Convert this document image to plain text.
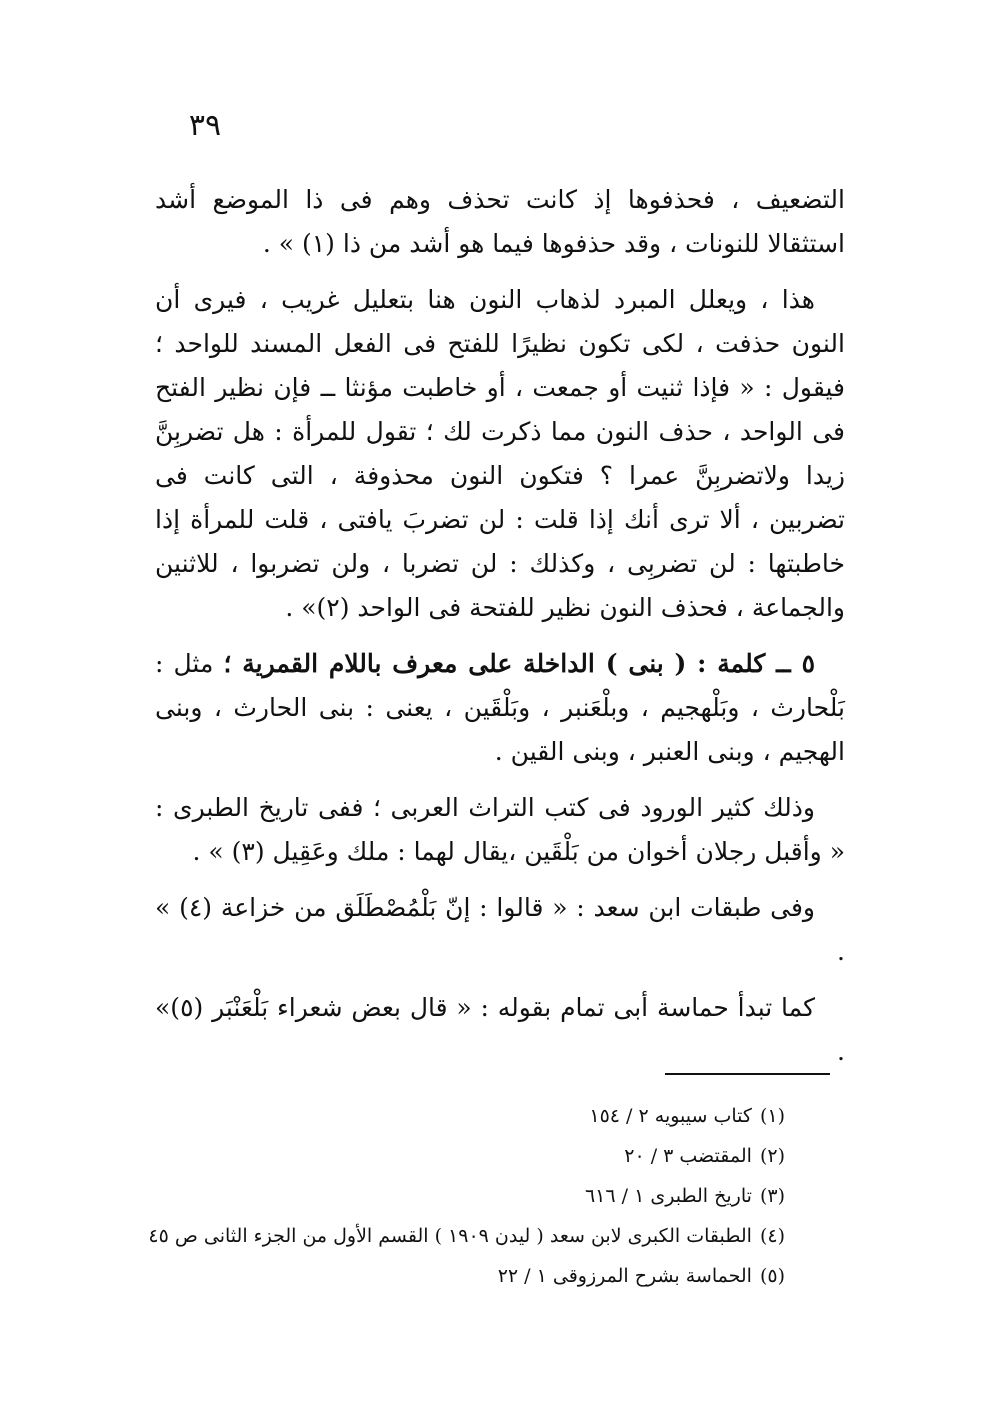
٣٩

التضعيف ، فحذفوها إذ كانت تحذف وهم فى ذا الموضع أشد استثقالا للنونات ، وقد حذفوها فيما هو أشد من ذا (١) » .

هذا ، ويعلل المبرد لذهاب النون هنا بتعليل غريب ، فيرى أن النون حذفت ، لكى تكون نظيرًا للفتح فى الفعل المسند للواحد ؛ فيقول : « فإذا ثنيت أو جمعت ، أو خاطبت مؤنثا ــ فإن نظير الفتح فى الواحد ، حذف النون مما ذكرت لك ؛ تقول للمرأة : هل تضربِنَّ زيدا ولاتضربِنَّ عمرا ؟ فتكون النون محذوفة ، التى كانت فى تضربين ، ألا ترى أنك إذا قلت : لن تضربَ يافتى ، قلت للمرأة إذا خاطبتها : لن تضربِى ، وكذلك : لن تضربا ، ولن تضربوا ، للاثنين والجماعة ، فحذف النون نظير للفتحة فى الواحد (٢)» .

٥ ــ كلمة : ( بنى ) الداخلة على معرف باللام القمرية ؛ مثل : بَلْحارث ، وبَلْهجيم ، وبلْعَنبر ، وبَلْقَين ، يعنى : بنى الحارث ، وبنى الهجيم ، وبنى العنبر ، وبنى القين .

وذلك كثير الورود فى كتب التراث العربى ؛ ففى تاريخ الطبرى : « وأقبل رجلان أخوان من بَلْقَين ،يقال لهما : ملك وعَقِيل (٣) » .

وفى طبقات ابن سعد : « قالوا : إنّ بَلْمُصْطَلَق من خزاعة (٤) » .

كما تبدأ حماسة أبى تمام بقوله : « قال بعض شعراء بَلْعَنْبَر (٥)» .

(١)كتاب سيبويه ٢ / ١٥٤
(٢)المقتضب ٣ / ٢٠
(٣)تاريخ الطبرى ١ / ٦١٦
(٤)الطبقات الكبرى لابن سعد ( ليدن ١٩٠٩ ) القسم الأول من الجزء الثانى ص ٤٥
(٥)الحماسة بشرح المرزوقى ١ / ٢٢
